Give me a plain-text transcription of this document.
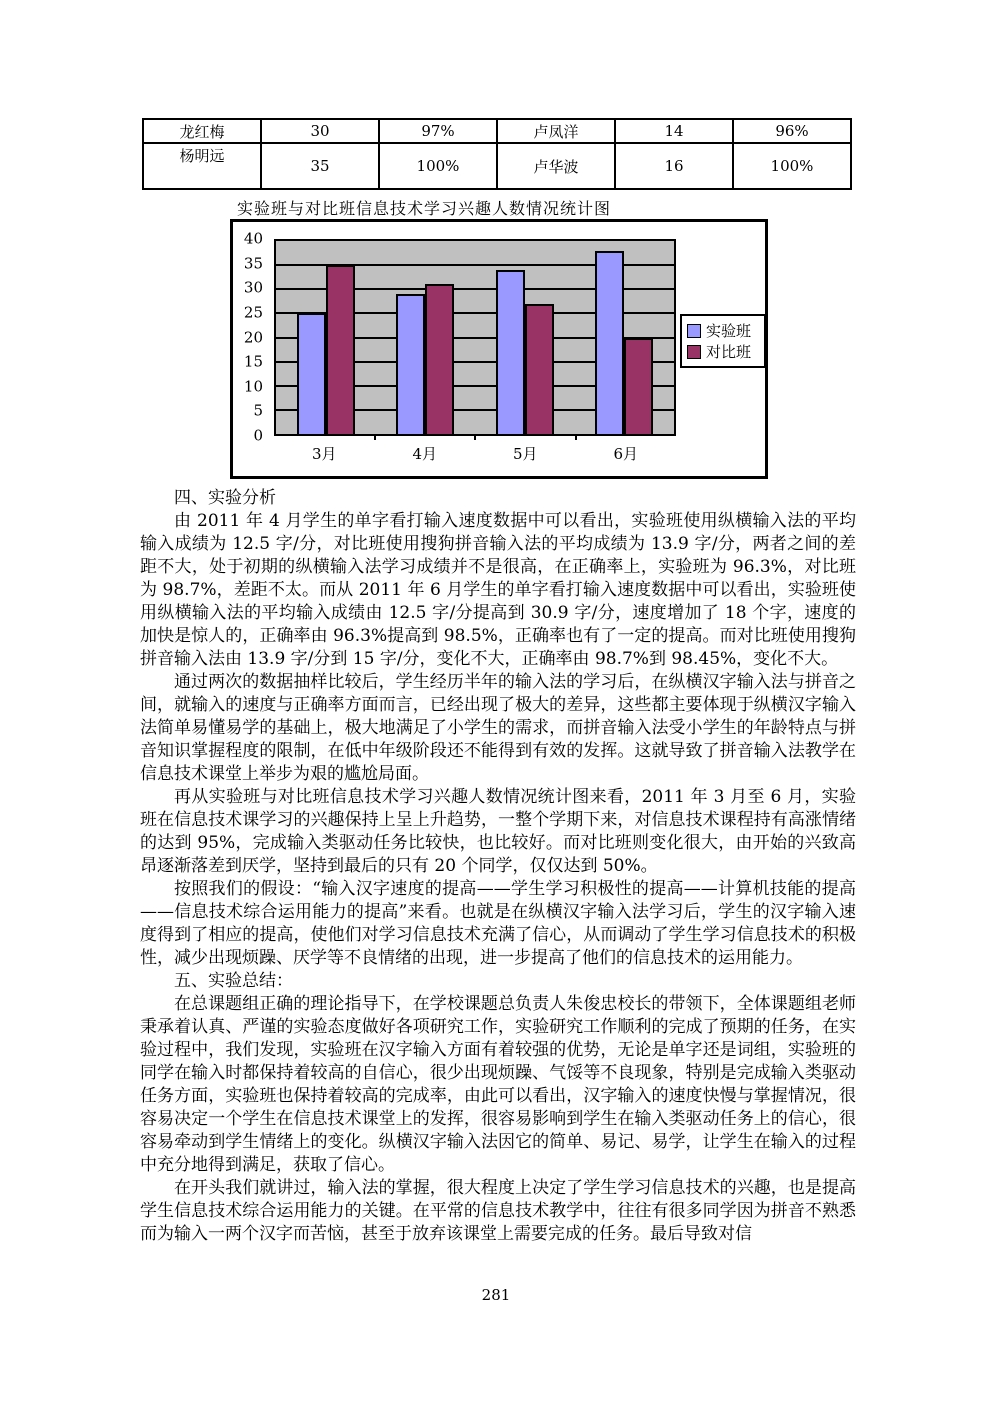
龙红梅	30	97%	卢凤洋	14	96%
杨明远	35	100%	卢华波	16	100%
实验班与对比班信息技术学习兴趣人数情况统计图
0
5
10
15
20
25
30
35
40
3月	4月	5月	6月
实验班
对比班
四、实验分析

由 2011 年 4 月学生的单字看打输入速度数据中可以看出，实验班使用纵横输入法的平均输入成绩为 12.5 字/分，对比班使用搜狗拼音输入法的平均成绩为 13.9 字/分，两者之间的差距不大，处于初期的纵横输入法学习成绩并不是很高，在正确率上，实验班为 96.3%，对比班为 98.7%，差距不太。而从 2011 年 6 月学生的单字看打输入速度数据中可以看出，实验班使用纵横输入法的平均输入成绩由 12.5 字/分提高到 30.9 字/分，速度增加了 18 个字，速度的加快是惊人的，正确率由 96.3%提高到 98.5%，正确率也有了一定的提高。而对比班使用搜狗拼音输入法由 13.9 字/分到 15 字/分，变化不大，正确率由 98.7%到 98.45%，变化不大。

通过两次的数据抽样比较后，学生经历半年的输入法的学习后，在纵横汉字输入法与拼音之间，就输入的速度与正确率方面而言，已经出现了极大的差异，这些都主要体现于纵横汉字输入法简单易懂易学的基础上，极大地满足了小学生的需求，而拼音输入法受小学生的年龄特点与拼音知识掌握程度的限制，在低中年级阶段还不能得到有效的发挥。这就导致了拼音输入法教学在信息技术课堂上举步为艰的尴尬局面。

再从实验班与对比班信息技术学习兴趣人数情况统计图来看，2011 年 3 月至 6 月，实验班在信息技术课学习的兴趣保持上呈上升趋势，一整个学期下来，对信息技术课程持有高涨情绪的达到 95%，完成输入类驱动任务比较快，也比较好。而对比班则变化很大，由开始的兴致高昂逐渐落差到厌学，坚持到最后的只有 20 个同学，仅仅达到 50%。

按照我们的假设：“输入汉字速度的提高——学生学习积极性的提高——计算机技能的提高——信息技术综合运用能力的提高”来看。也就是在纵横汉字输入法学习后，学生的汉字输入速度得到了相应的提高，使他们对学习信息技术充满了信心，从而调动了学生学习信息技术的积极性，减少出现烦躁、厌学等不良情绪的出现，进一步提高了他们的信息技术的运用能力。

五、实验总结：

在总课题组正确的理论指导下，在学校课题总负责人朱俊忠校长的带领下，全体课题组老师秉承着认真、严谨的实验态度做好各项研究工作，实验研究工作顺利的完成了预期的任务，在实验过程中，我们发现，实验班在汉字输入方面有着较强的优势，无论是单字还是词组，实验班的同学在输入时都保持着较高的自信心，很少出现烦躁、气馁等不良现象，特别是完成输入类驱动任务方面，实验班也保持着较高的完成率，由此可以看出，汉字输入的速度快慢与掌握情况，很容易决定一个学生在信息技术课堂上的发挥，很容易影响到学生在输入类驱动任务上的信心，很容易牵动到学生情绪上的变化。纵横汉字输入法因它的简单、易记、易学，让学生在输入的过程中充分地得到满足，获取了信心。

在开头我们就讲过，输入法的掌握，很大程度上决定了学生学习信息技术的兴趣，也是提高学生信息技术综合运用能力的关键。在平常的信息技术教学中，往往有很多同学因为拼音不熟悉而为输入一两个汉字而苦恼，甚至于放弃该课堂上需要完成的任务。最后导致对信

281
